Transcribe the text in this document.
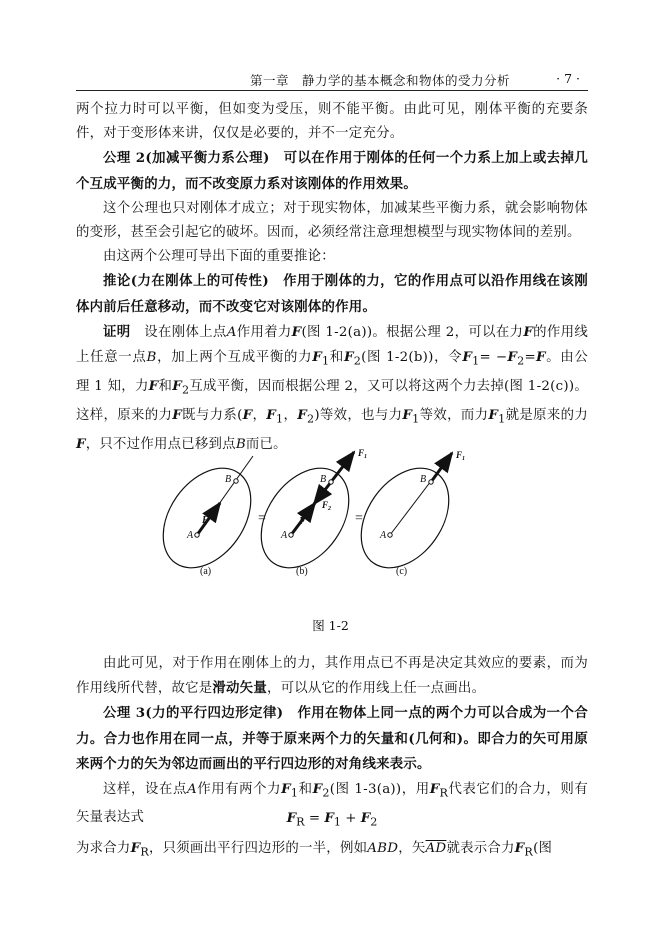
第一章　静力学的基本概念和物体的受力分析	· 7 ·

两个拉力时可以平衡，但如变为受压，则不能平衡。由此可见，刚体平衡的充要条件，对于变形体来讲，仅仅是必要的，并不一定充分。

公理 2(加减平衡力系公理)　 可以在作用于刚体的任何一个力系上加上或去掉几个互成平衡的力，而不改变原力系对该刚体的作用效果。

这个公理也只对刚体才成立；对于现实物体，加减某些平衡力系，就会影响物体的变形，甚至会引起它的破坏。因而，必须经常注意理想模型与现实物体间的差别。

由这两个公理可导出下面的重要推论：

推论(力在刚体上的可传性)　 作用于刚体的力，它的作用点可以沿作用线在该刚体内前后任意移动，而不改变它对该刚体的作用。

证明　 设在刚体上点A作用着力F(图 1-2(a))。根据公理 2，可以在力F的作用线上任意一点B，加上两个互成平衡的力$F_1$和$F_2$(图 1-2(b))，令$F_1= -F_2=F$。由公理 1 知，力F和$F_2$互成平衡，因而根据公理 2，又可以将这两个力去掉(图 1-2(c))。这样，原来的力F既与力系(F，$F_1$，$F_2$)等效，也与力$F_1$等效，而力$F_1$就是原来的力F，只不过作用点已移到点B而已。

A
B
F
(a)
=
A
B
F
$F_1$
$F_2$
(b)
=
A
B
$F_1$
(c)
图 1-2

由此可见，对于作用在刚体上的力，其作用点已不再是决定其效应的要素，而为作用线所代替，故它是滑动矢量，可以从它的作用线上任一点画出。

公理 3(力的平行四边形定律)　 作用在物体上同一点的两个力可以合成为一个合力。合力也作用在同一点，并等于原来两个力的矢量和(几何和)。即合力的矢可用原来两个力的矢为邻边而画出的平行四边形的对角线来表示。

这样，设在点A作用有两个力$F_1$和$F_2$(图 1-3(a))，用$F_R$代表它们的合力，则有矢量表达式	$F_R = F_1 + F_2$

为求合力$F_R$，只须画出平行四边形的一半，例如ABD，矢$\overline{AD}$就表示合力$F_R$(图
